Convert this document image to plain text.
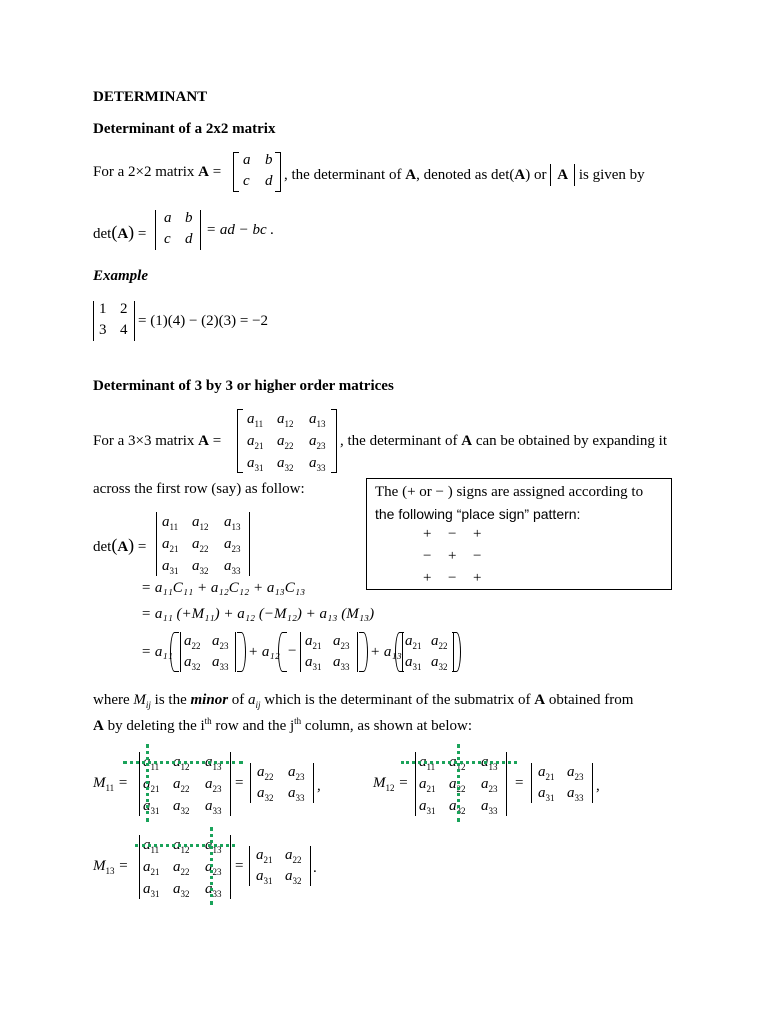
DETERMINANT
Determinant of a 2x2 matrix
For a 2×2 matrix A =
a b
c d , the determinant of A, denoted as det(A) or A is given by
det(A) =
a b
c d
= ad − bc .
Example
1 2
3 4
= (1)(4) − (2)(3) = −2
Determinant of 3 by 3 or higher order matrices
For a 3×3 matrix A =
$a_{11}$ $a_{12}$ $a_{13}$
$a_{21}$ $a_{22}$ $a_{23}$
$a_{31}$ $a_{32}$ $a_{33}$
, the determinant of A can be obtained by expanding it
across the first row (say) as follow:	The (+ or − ) signs are assigned according to
the following “place sign” pattern:
+ − +
− + −
+ − +
det(A) =
$a_{11}$ $a_{12}$ $a_{13}$
$a_{21}$ $a_{22}$ $a_{23}$
$a_{31}$ $a_{32}$ $a_{33}$
= a₁₁C₁₁ + a₁₂C₁₂ + a₁₃C₁₃
= a₁₁ (+M₁₁) + a₁₂ (−M₁₂) + a₁₃ (M₁₃)
= a₁₁
$a_{22}$ $a_{23}$
$a_{32}$ $a_{33}$
+ a₁₂ −
$a_{21}$ $a_{23}$
$a_{31}$ $a_{33}$
+ a₁₃
$a_{21}$ $a_{22}$
$a_{31}$ $a_{32}$
where $M_{ij}$ is the minor of $a_{ij}$ which is the determinant of the submatrix of A obtained from
A by deleting the $i^{th}$ row and the $j^{th}$ column, as shown at below:
$M_{11}$ =
$a_{11}$ $a_{12}$ $a_{13}$
$a_{21}$ $a_{22}$ $a_{23}$
$a_{31}$ $a_{32}$ $a_{33}$
=
$a_{22}$ $a_{23}$
$a_{32}$ $a_{33}$
,	$M_{12}$ =
$a_{11}$ $a_{12}$ $a_{13}$
$a_{21}$ $a_{22}$ $a_{23}$
$a_{31}$ $a_{32}$ $a_{33}$
=
$a_{21}$ $a_{23}$
$a_{31}$ $a_{33}$
,
$M_{13}$ =
$a_{11}$ $a_{12}$ $a_{13}$
$a_{21}$ $a_{22}$ $a_{23}$
$a_{31}$ $a_{32}$ $a_{33}$
=
$a_{21}$ $a_{22}$
$a_{31}$ $a_{32}$
.
